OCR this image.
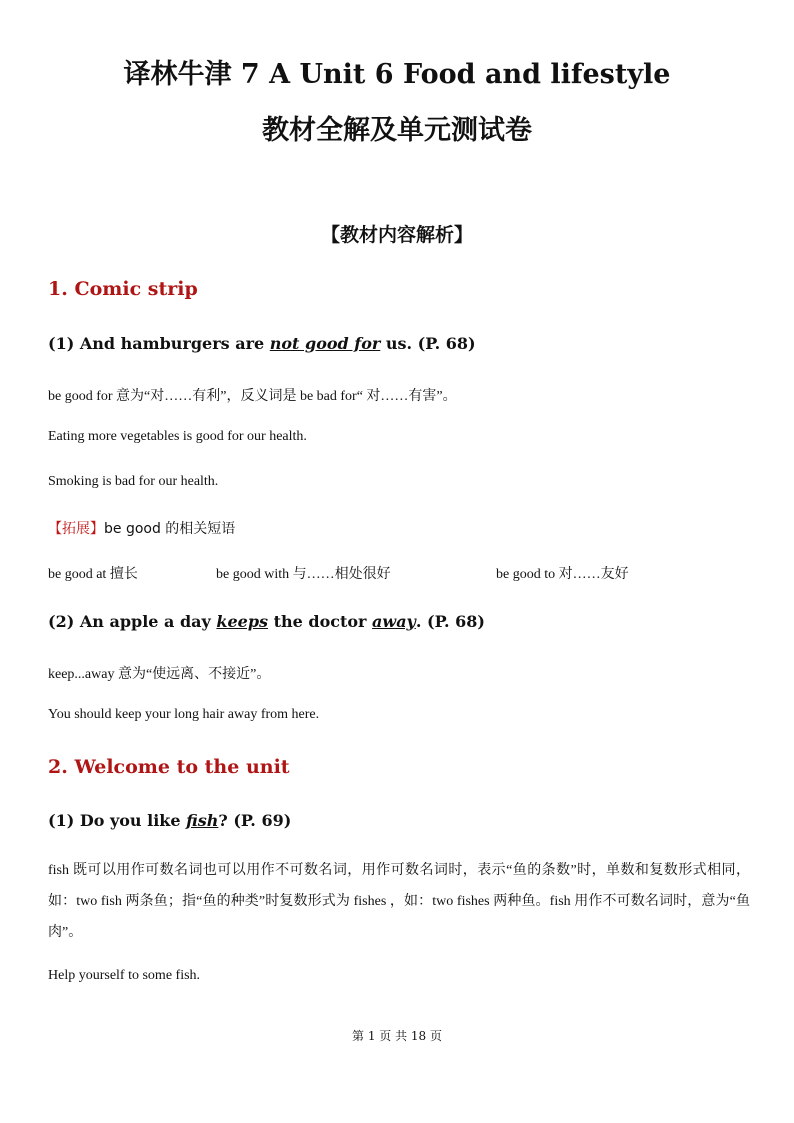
译林牛津 7 A Unit 6 Food and lifestyle
教材全解及单元测试卷
【教材内容解析】
1. Comic strip
(1) And hamburgers are not good for us. (P. 68)
be good for 意为“对……有利”，反义词是 be bad for“ 对……有害”。
Eating more vegetables is good for our health.
Smoking is bad for our health.
【拓展】be good 的相关短语
be good at 擅长	be good with 与……相处很好	be good to 对……友好
(2) An apple a day keeps the doctor away. (P. 68)
keep...away 意为“使远离、不接近”。
You should keep your long hair away from here.
2. Welcome to the unit
(1) Do you like fish? (P. 69)
fish 既可以用作可数名词也可以用作不可数名词，用作可数名词时，表示“鱼的条数”时，单数和复数形式相同，如：two fish 两条鱼；指“鱼的种类”时复数形式为 fishes ，如：two fishes 两种鱼。fish 用作不可数名词时，意为“鱼肉”。
Help yourself to some fish.
第 1 页 共 18 页
